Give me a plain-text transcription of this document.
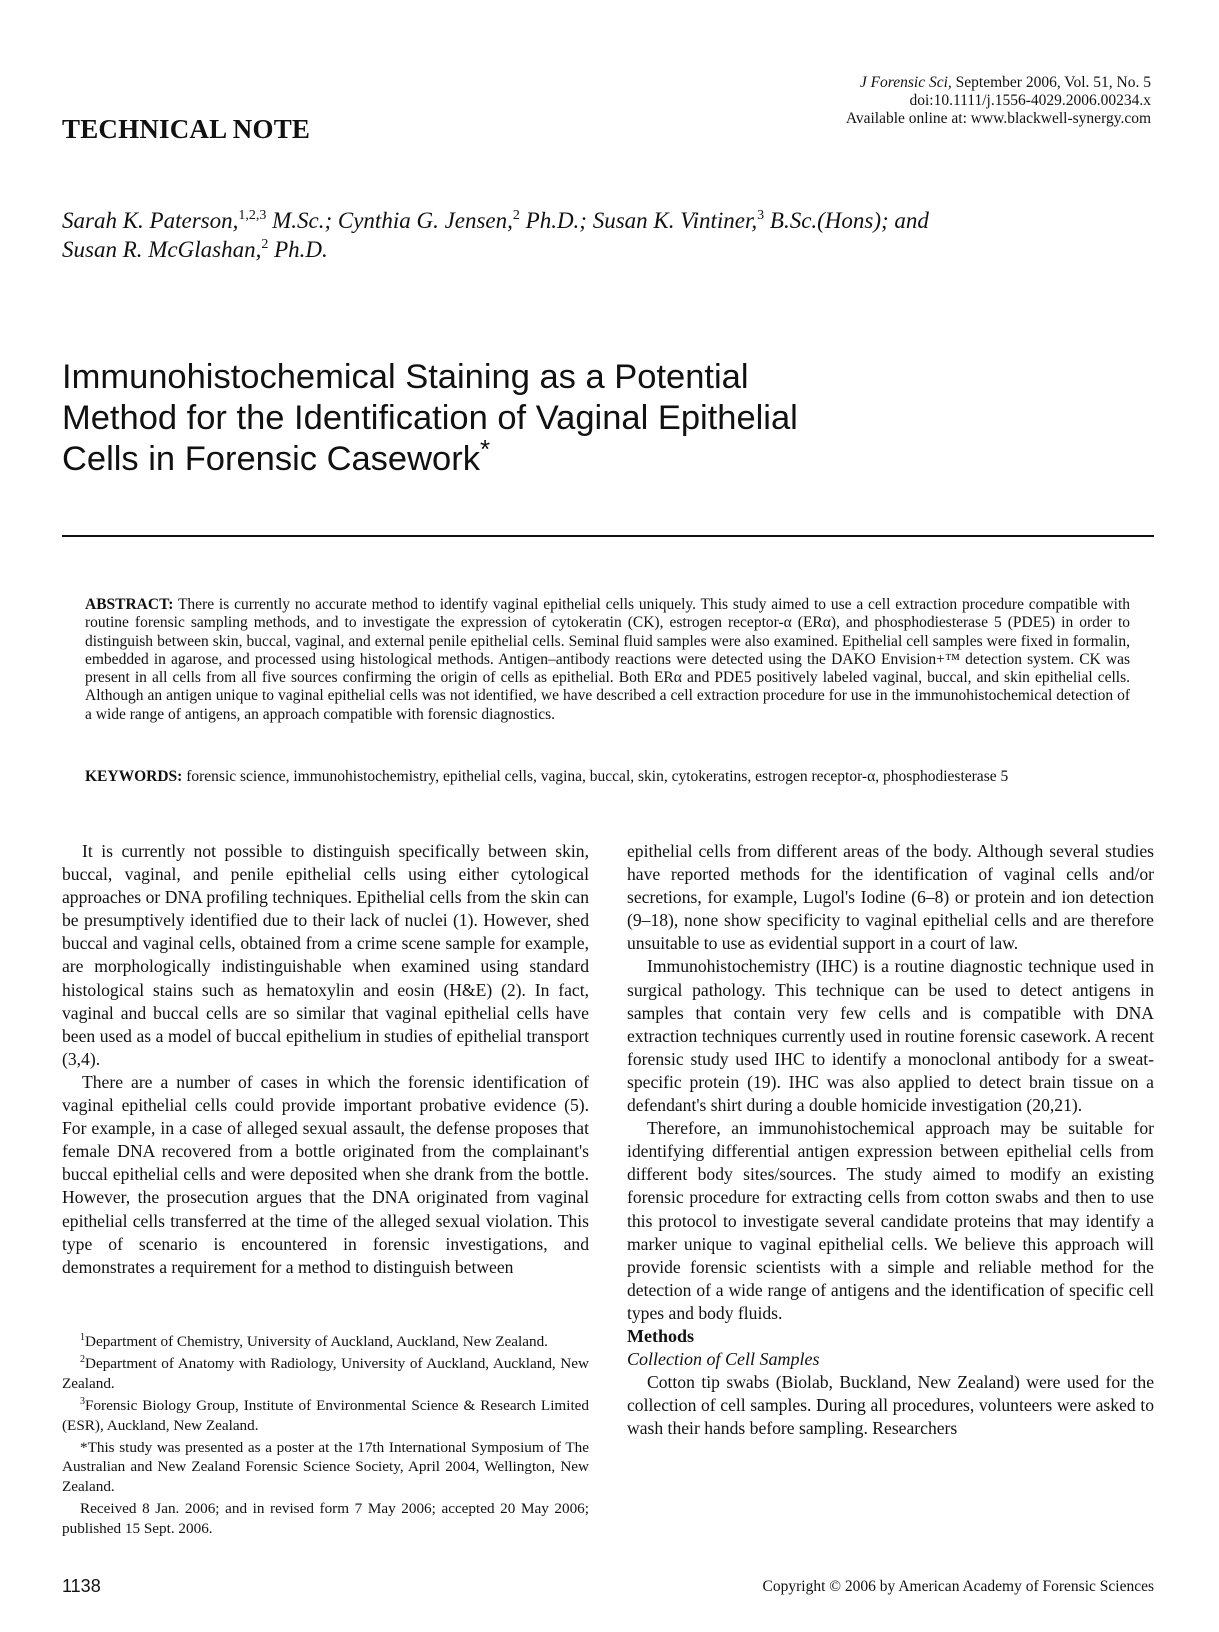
J Forensic Sci, September 2006, Vol. 51, No. 5
doi:10.1111/j.1556-4029.2006.00234.x
Available online at: www.blackwell-synergy.com
TECHNICAL NOTE
Sarah K. Paterson,$^{1,2,3}$ M.Sc.; Cynthia G. Jensen,$^2$ Ph.D.; Susan K. Vintiner,$^3$ B.Sc.(Hons); and
Susan R. McGlashan,$^2$ Ph.D.
Immunohistochemical Staining as a Potential
Method for the Identification of Vaginal Epithelial
Cells in Forensic Casework*
ABSTRACT: There is currently no accurate method to identify vaginal epithelial cells uniquely. This study aimed to use a cell extraction procedure compatible with routine forensic sampling methods, and to investigate the expression of cytokeratin (CK), estrogen receptor-α (ERα), and phosphodiesterase 5 (PDE5) in order to distinguish between skin, buccal, vaginal, and external penile epithelial cells. Seminal fluid samples were also examined. Epithelial cell samples were fixed in formalin, embedded in agarose, and processed using histological methods. Antigen–antibody reactions were detected using the DAKO Envision+™ detection system. CK was present in all cells from all five sources confirming the origin of cells as epithelial. Both ERα and PDE5 positively labeled vaginal, buccal, and skin epithelial cells. Although an antigen unique to vaginal epithelial cells was not identified, we have described a cell extraction procedure for use in the immunohistochemical detection of a wide range of antigens, an approach compatible with forensic diagnostics.
KEYWORDS: forensic science, immunohistochemistry, epithelial cells, vagina, buccal, skin, cytokeratins, estrogen receptor-α, phosphodiesterase 5

It is currently not possible to distinguish specifically between skin, buccal, vaginal, and penile epithelial cells using either cytological approaches or DNA profiling techniques. Epithelial cells from the skin can be presumptively identified due to their lack of nuclei (1). However, shed buccal and vaginal cells, obtained from a crime scene sample for example, are morphologically indistinguishable when examined using standard histological stains such as hematoxylin and eosin (H&E) (2). In fact, vaginal and buccal cells are so similar that vaginal epithelial cells have been used as a model of buccal epithelium in studies of epithelial transport (3,4).

There are a number of cases in which the forensic identification of vaginal epithelial cells could provide important probative evidence (5). For example, in a case of alleged sexual assault, the defense proposes that female DNA recovered from a bottle originated from the complainant's buccal epithelial cells and were deposited when she drank from the bottle. However, the prosecution argues that the DNA originated from vaginal epithelial cells transferred at the time of the alleged sexual violation. This type of scenario is encountered in forensic investigations, and demonstrates a requirement for a method to distinguish between

$^1$Department of Chemistry, University of Auckland, Auckland, New Zealand.

$^2$Department of Anatomy with Radiology, University of Auckland, Auckland, New Zealand.

$^3$Forensic Biology Group, Institute of Environmental Science & Research Limited (ESR), Auckland, New Zealand.

*This study was presented as a poster at the 17th International Symposium of The Australian and New Zealand Forensic Science Society, April 2004, Wellington, New Zealand.

Received 8 Jan. 2006; and in revised form 7 May 2006; accepted 20 May 2006; published 15 Sept. 2006.

epithelial cells from different areas of the body. Although several studies have reported methods for the identification of vaginal cells and/or secretions, for example, Lugol's Iodine (6–8) or protein and ion detection (9–18), none show specificity to vaginal epithelial cells and are therefore unsuitable to use as evidential support in a court of law.

Immunohistochemistry (IHC) is a routine diagnostic technique used in surgical pathology. This technique can be used to detect antigens in samples that contain very few cells and is compatible with DNA extraction techniques currently used in routine forensic casework. A recent forensic study used IHC to identify a monoclonal antibody for a sweat-specific protein (19). IHC was also applied to detect brain tissue on a defendant's shirt during a double homicide investigation (20,21).

Therefore, an immunohistochemical approach may be suitable for identifying differential antigen expression between epithelial cells from different body sites/sources. The study aimed to modify an existing forensic procedure for extracting cells from cotton swabs and then to use this protocol to investigate several candidate proteins that may identify a marker unique to vaginal epithelial cells. We believe this approach will provide forensic scientists with a simple and reliable method for the detection of a wide range of antigens and the identification of specific cell types and body fluids.

Methods

Collection of Cell Samples

Cotton tip swabs (Biolab, Buckland, New Zealand) were used for the collection of cell samples. During all procedures, volunteers were asked to wash their hands before sampling. Researchers

1138	Copyright © 2006 by American Academy of Forensic Sciences
